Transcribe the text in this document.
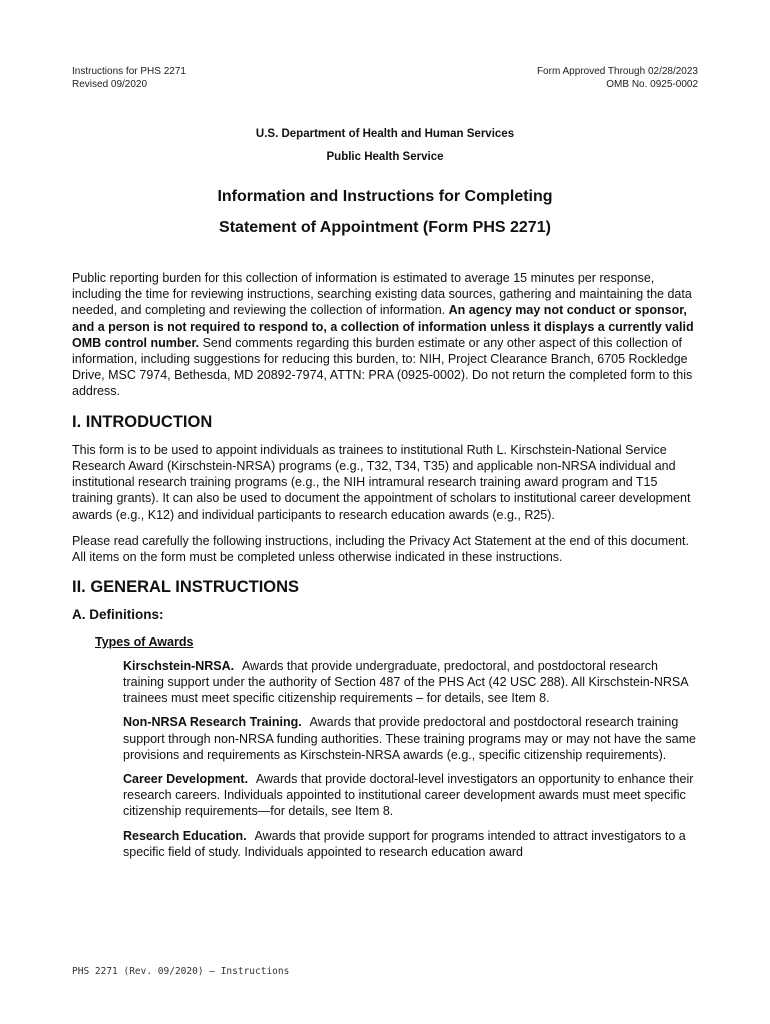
Instructions for PHS 2271
Revised 09/2020
Form Approved Through 02/28/2023
OMB No. 0925-0002
U.S. Department of Health and Human Services
Public Health Service
Information and Instructions for Completing
Statement of Appointment (Form PHS 2271)

Public reporting burden for this collection of information is estimated to average 15 minutes per response, including the time for reviewing instructions, searching existing data sources, gathering and maintaining the data needed, and completing and reviewing the collection of information. An agency may not conduct or sponsor, and a person is not required to respond to, a collection of information unless it displays a currently valid OMB control number. Send comments regarding this burden estimate or any other aspect of this collection of information, including suggestions for reducing this burden, to: NIH, Project Clearance Branch, 6705 Rockledge Drive, MSC 7974, Bethesda, MD 20892-7974, ATTN: PRA (0925-0002). Do not return the completed form to this address.

I. INTRODUCTION

This form is to be used to appoint individuals as trainees to institutional Ruth L. Kirschstein-National Service Research Award (Kirschstein-NRSA) programs (e.g., T32, T34, T35) and applicable non-NRSA individual and institutional research training programs (e.g., the NIH intramural research training award program and T15 training grants). It can also be used to document the appointment of scholars to institutional career development awards (e.g., K12) and individual participants to research education awards (e.g., R25).

Please read carefully the following instructions, including the Privacy Act Statement at the end of this document. All items on the form must be completed unless otherwise indicated in these instructions.

II. GENERAL INSTRUCTIONS
A. Definitions:
Types of Awards

Kirschstein-NRSA. Awards that provide undergraduate, predoctoral, and postdoctoral research training support under the authority of Section 487 of the PHS Act (42 USC 288). All Kirschstein-NRSA trainees must meet specific citizenship requirements – for details, see Item 8.

Non-NRSA Research Training. Awards that provide predoctoral and postdoctoral research training support through non-NRSA funding authorities. These training programs may or may not have the same provisions and requirements as Kirschstein-NRSA awards (e.g., specific citizenship requirements).

Career Development. Awards that provide doctoral-level investigators an opportunity to enhance their research careers. Individuals appointed to institutional career development awards must meet specific citizenship requirements—for details, see Item 8.

Research Education. Awards that provide support for programs intended to attract investigators to a specific field of study. Individuals appointed to research education award

PHS 2271 (Rev. 09/2020) — Instructions
